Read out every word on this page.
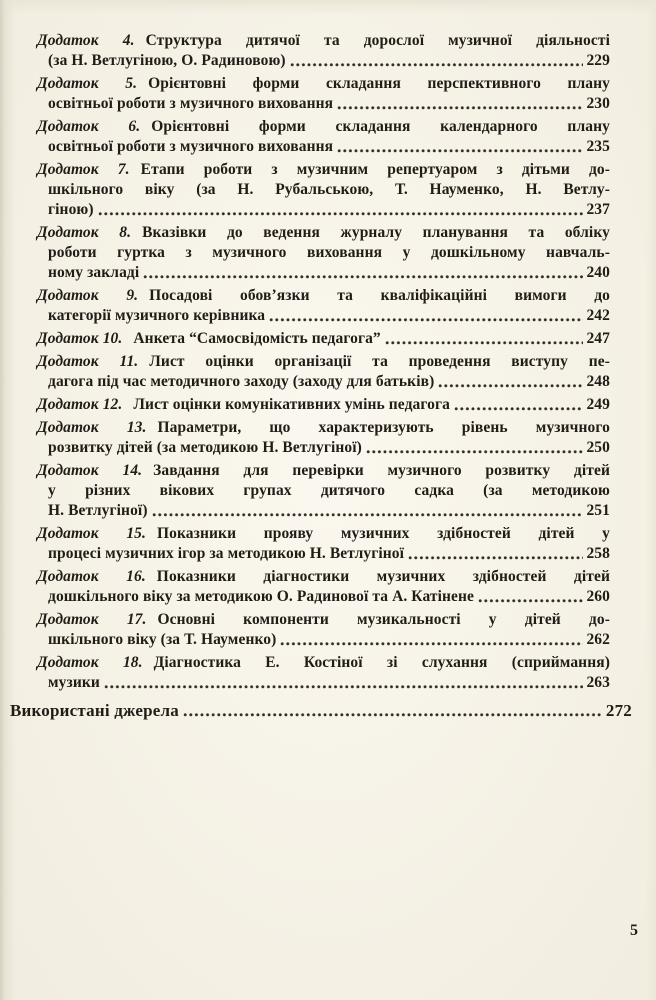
Додаток 4. Структура дитячої та дорослої музичної діяльності
(за Н. Ветлугіною, О. Радиновою)	229
Додаток 5. Орієнтовні форми складання перспективного плану
освітньої роботи з музичного виховання	230
Додаток 6. Орієнтовні форми складання календарного плану
освітньої роботи з музичного виховання	235
Додаток 7. Етапи роботи з музичним репертуаром з дітьми до-
шкільного віку (за Н. Рубальською, Т. Науменко, Н. Ветлу-
гіною)	237
Додаток 8. Вказівки до ведення журналу планування та обліку
роботи гуртка з музичного виховання у дошкільному навчаль-
ному закладі	240
Додаток 9. Посадові обов’язки та кваліфікаційні вимоги до
категорії музичного керівника	242
Додаток 10. Анкета “Самосвідомість педагога”	247
Додаток 11. Лист оцінки організації та проведення виступу пе-
дагога під час методичного заходу (заходу для батьків)	248
Додаток 12. Лист оцінки комунікативних умінь педагога	249
Додаток 13. Параметри, що характеризують рівень музичного
розвитку дітей (за методикою Н. Ветлугіної)	250
Додаток 14. Завдання для перевірки музичного розвитку дітей
у різних вікових групах дитячого садка (за методикою
Н. Ветлугіної)	251
Додаток 15. Показники прояву музичних здібностей дітей у
процесі музичних ігор за методикою Н. Ветлугіної	258
Додаток 16. Показники діагностики музичних здібностей дітей
дошкільного віку за методикою О. Радинової та А. Катінене	260
Додаток 17. Основні компоненти музикальності у дітей до-
шкільного віку (за Т. Науменко)	262
Додаток 18. Діагностика Е. Костіної зі слухання (сприймання)
музики	263
Використані джерела	272
5
